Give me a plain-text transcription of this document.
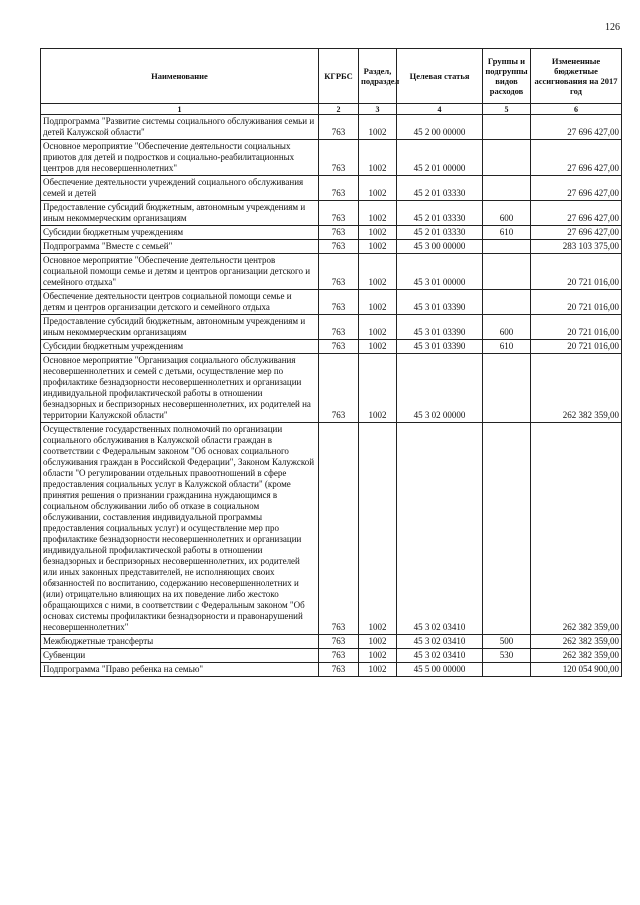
126
Наименование	КГРБС	Раздел, подраздел	Целевая статья	Группы и подгруппы видов расходов	Измененные бюджетные ассигнования на 2017 год
1	2	3	4	5	6
Подпрограмма "Развитие системы социального обслуживания семьи и детей Калужской области"	763	1002	45 2 00 00000		27 696 427,00
Основное мероприятие "Обеспечение деятельности социальных приютов для детей и подростков и социально-реабилитационных центров для несовершеннолетних"	763	1002	45 2 01 00000		27 696 427,00
Обеспечение деятельности учреждений социального обслуживания семей и детей	763	1002	45 2 01 03330		27 696 427,00
Предоставление субсидий бюджетным, автономным учреждениям и иным некоммерческим организациям	763	1002	45 2 01 03330	600	27 696 427,00
Субсидии бюджетным учреждениям	763	1002	45 2 01 03330	610	27 696 427,00
Подпрограмма "Вместе с семьей"	763	1002	45 3 00 00000		283 103 375,00
Основное мероприятие "Обеспечение деятельности центров социальной помощи семье и детям и центров организации детского и семейного отдыха"	763	1002	45 3 01 00000		20 721 016,00
Обеспечение деятельности центров социальной помощи семье и детям и центров организации детского и семейного отдыха	763	1002	45 3 01 03390		20 721 016,00
Предоставление субсидий бюджетным, автономным учреждениям и иным некоммерческим организациям	763	1002	45 3 01 03390	600	20 721 016,00
Субсидии бюджетным учреждениям	763	1002	45 3 01 03390	610	20 721 016,00
Основное мероприятие "Организация социального обслуживания несовершеннолетних и семей с детьми, осуществление мер по профилактике безнадзорности несовершеннолетних и организации индивидуальной профилактической работы в отношении безнадзорных и беспризорных несовершеннолетних, их родителей на территории Калужской области"	763	1002	45 3 02 00000		262 382 359,00
Осуществление государственных полномочий по организации социального обслуживания в Калужской области граждан в соответствии с Федеральным законом "Об основах социального обслуживания граждан в Российской Федерации", Законом Калужской области "О регулировании отдельных правоотношений в сфере предоставления социальных услуг в Калужской области" (кроме принятия решения о признании гражданина нуждающимся в социальном обслуживании либо об отказе в социальном обслуживании, составления индивидуальной программы предоставления социальных услуг) и осуществление мер про профилактике безнадзорности несовершеннолетних и организации индивидуальной профилактической работы в отношении безнадзорных и беспризорных несовершеннолетних, их родителей или иных законных представителей, не исполняющих своих обязанностей по воспитанию, содержанию несовершеннолетних и (или) отрицательно влияющих на их поведение либо жестоко обращающихся с ними, в соответствии с Федеральным законом "Об основах системы профилактики безнадзорности и правонарушений несовершеннолетних"	763	1002	45 3 02 03410		262 382 359,00
Межбюджетные трансферты	763	1002	45 3 02 03410	500	262 382 359,00
Субвенции	763	1002	45 3 02 03410	530	262 382 359,00
Подпрограмма "Право ребенка на семью"	763	1002	45 5 00 00000		120 054 900,00
